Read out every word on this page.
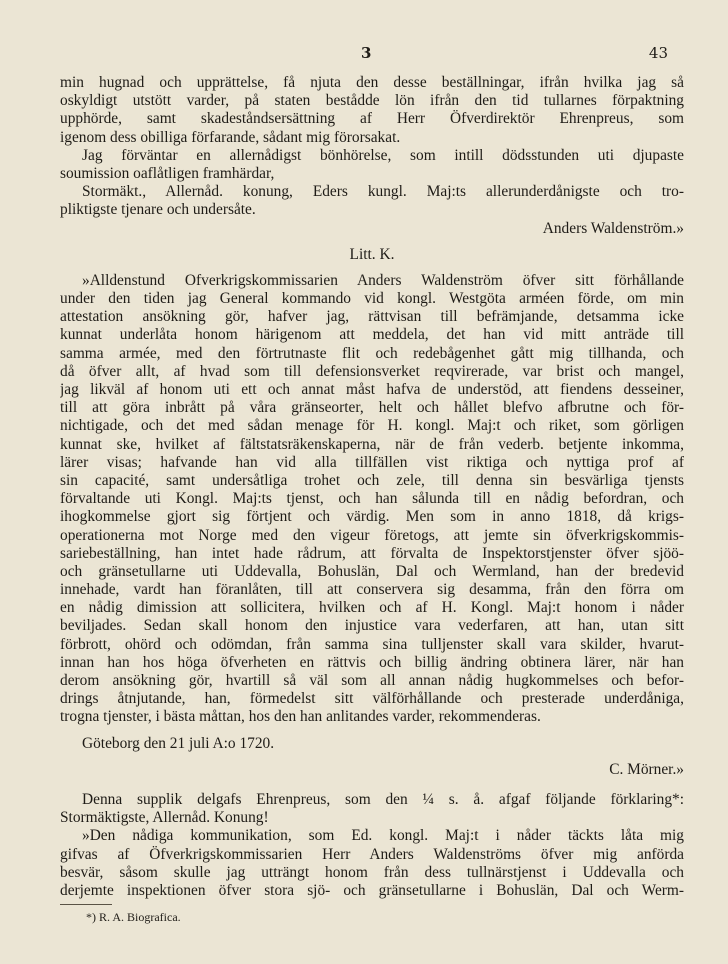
3	43
min hugnad och upprättelse, få njuta den desse beställningar, ifrån hvilka jag så
oskyldigt utstött varder, på staten bestådde lön ifrån den tid tullarnes förpaktning
upphörde, samt skadeståndsersättning af Herr Öfverdirektör Ehrenpreus, som
igenom dess obilliga förfarande, sådant mig förorsakat.
Jag förväntar en allernådigst bönhörelse, som intill dödsstunden uti djupaste
soumission oaflåtligen framhärdar,
Stormäkt., Allernåd. konung, Eders kungl. Maj:ts allerunderdånigste och tro-
pliktigste tjenare och undersåte.
Anders Waldenström.»
Litt. K.
»Alldenstund Ofverkrigskommissarien Anders Waldenström öfver sitt förhållande
under den tiden jag General kommando vid kongl. Westgöta arméen förde, om min
attestation ansökning gör, hafver jag, rättvisan till befrämjande, detsamma icke
kunnat underlåta honom härigenom att meddela, det han vid mitt anträde till
samma armée, med den förtrutnaste flit och redebågenhet gått mig tillhanda, och
då öfver allt, af hvad som till defensionsverket reqvirerade, var brist och mangel,
jag likväl af honom uti ett och annat måst hafva de understöd, att fiendens desseiner,
till att göra inbrått på våra gränseorter, helt och hållet blefvo afbrutne och för-
nichtigade, och det med sådan menage för H. kongl. Maj:t och riket, som görligen
kunnat ske, hvilket af fältstatsräkenskaperna, när de från vederb. betjente inkomma,
lärer visas; hafvande han vid alla tillfällen vist riktiga och nyttiga prof af
sin capacité, samt undersåtliga trohet och zele, till denna sin besvärliga tjensts
förvaltande uti Kongl. Maj:ts tjenst, och han sålunda till en nådig befordran, och
ihogkommelse gjort sig förtjent och värdig. Men som in anno 1818, då krigs-
operationerna mot Norge med den vigeur företogs, att jemte sin öfverkrigskommis-
sariebeställning, han intet hade rådrum, att förvalta de Inspektorstjenster öfver sjöö-
och gränsetullarne uti Uddevalla, Bohuslän, Dal och Wermland, han der bredevid
innehade, vardt han föranlåten, till att conservera sig desamma, från den förra om
en nådig dimission att sollicitera, hvilken och af H. Kongl. Maj:t honom i nåder
beviljades. Sedan skall honom den injustice vara vederfaren, att han, utan sitt
förbrott, ohörd och odömdan, från samma sina tulljenster skall vara skilder, hvarut-
innan han hos höga öfverheten en rättvis och billig ändring obtinera lärer, när han
derom ansökning gör, hvartill så väl som all annan nådig hugkommelses och befor-
drings åtnjutande, han, förmedelst sitt välförhållande och presterade underdåniga,
trogna tjenster, i bästa måttan, hos den han anlitandes varder, rekommenderas.
Göteborg den 21 juli A:o 1720.
C. Mörner.»
Denna supplik delgafs Ehrenpreus, som den ¼ s. å. afgaf följande förklaring*:
Stormäktigste, Allernåd. Konung!
»Den nådiga kommunikation, som Ed. kongl. Maj:t i nåder täckts låta mig
gifvas af Öfverkrigskommissarien Herr Anders Waldenströms öfver mig anförda
besvär, såsom skulle jag utträngt honom från dess tullnärstjenst i Uddevalla och
derjemte inspektionen öfver stora sjö- och gränsetullarne i Bohuslän, Dal och Werm-
*) R. A. Biografica.
